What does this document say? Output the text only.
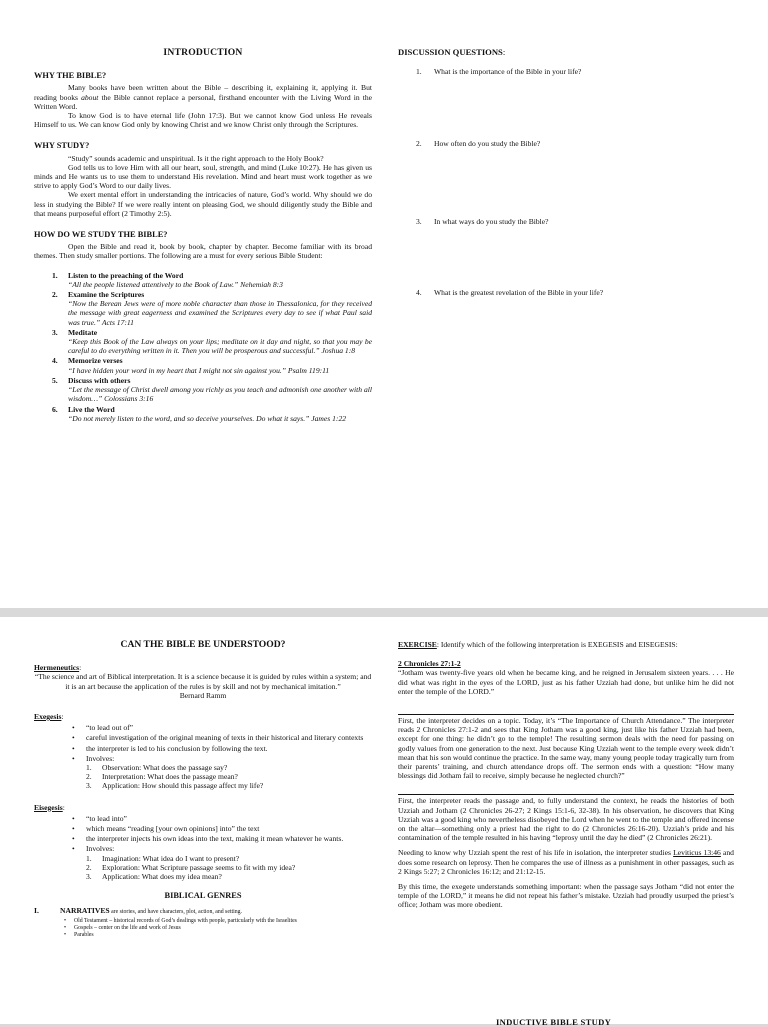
INTRODUCTION
WHY THE BIBLE?

Many books have been written about the Bible – describing it, explaining it, applying it. But reading books about the Bible cannot replace a personal, firsthand encounter with the Living Word in the Written Word.

To know God is to have eternal life (John 17:3). But we cannot know God unless He reveals Himself to us. We can know God only by knowing Christ and we know Christ only through the Scriptures.

WHY STUDY?

“Study” sounds academic and unspiritual. Is it the right approach to the Holy Book?

God tells us to love Him with all our heart, soul, strength, and mind (Luke 10:27). He has given us minds and He wants us to use them to understand His revelation. Mind and heart must work together as we strive to apply God’s Word to our daily lives.

We exert mental effort in understanding the intricacies of nature, God’s world. Why should we do less in studying the Bible? If we were really intent on pleasing God, we should diligently study the Bible and that means purposeful effort (2 Timothy 2:5).

HOW DO WE STUDY THE BIBLE?

Open the Bible and read it, book by book, chapter by chapter. Become familiar with its broad themes. Then study smaller portions. The following are a must for every serious Bible Student:

1. Listen to the preaching of the Word
“All the people listened attentively to the Book of Law.” Nehemiah 8:3
2. Examine the Scriptures
“Now the Berean Jews were of more noble character than those in Thessalonica, for they received the message with great eagerness and examined the Scriptures every day to see if what Paul said was true.” Acts 17:11
3. Meditate
“Keep this Book of the Law always on your lips; meditate on it day and night, so that you may be careful to do everything written in it. Then you will be prosperous and successful.” Joshua 1:8
4. Memorize verses
“I have hidden your word in my heart that I might not sin against you.” Psalm 119:11
5. Discuss with others
“Let the message of Christ dwell among you richly as you teach and admonish one another with all wisdom…” Colossians 3:16
6. Live the Word
“Do not merely listen to the word, and so deceive yourselves. Do what it says.” James 1:22
DISCUSSION QUESTIONS:
1. What is the importance of the Bible in your life?
2. How often do you study the Bible?
3. In what ways do you study the Bible?
4. What is the greatest revelation of the Bible in your life?
CAN THE BIBLE BE UNDERSTOOD?
Hermeneutics:

“The science and art of Biblical interpretation. It is a science because it is guided by rules within a system; and it is an art because the application of the rules is by skill and not by mechanical imitation.”

Bernard Ramm

Exegesis:
• “to lead out of”
• careful investigation of the original meaning of texts in their historical and literary contexts
• the interpreter is led to his conclusion by following the text.
• Involves:
1. Observation: What does the passage say?
2. Interpretation: What does the passage mean?
3. Application: How should this passage affect my life?
Eisegesis:
• “to lead into”
• which means “reading [your own opinions] into” the text
• the interpreter injects his own ideas into the text, making it mean whatever he wants.
• Involves:
1. Imagination: What idea do I want to present?
2. Exploration: What Scripture passage seems to fit with my idea?
3. Application: What does my idea mean?
BIBLICAL GENRES
I.	NARRATIVES are stories, and have characters, plot, action, and setting.
• Old Testament – historical records of God’s dealings with people, particularly with the Israelites
• Gospels – center on the life and work of Jesus
• Parables

EXERCISE: Identify which of the following interpretation is EXEGESIS and EISEGESIS:

2 Chronicles 27:1-2

“Jotham was twenty-five years old when he became king, and he reigned in Jerusalem sixteen years. . . . He did what was right in the eyes of the LORD, just as his father Uzziah had done, but unlike him he did not enter the temple of the LORD.”

First, the interpreter decides on a topic. Today, it’s “The Importance of Church Attendance.” The interpreter reads 2 Chronicles 27:1-2 and sees that King Jotham was a good king, just like his father Uzziah had been, except for one thing: he didn’t go to the temple! The resulting sermon deals with the need for passing on godly values from one generation to the next. Just because King Uzziah went to the temple every week didn’t mean that his son would continue the practice. In the same way, many young people today tragically turn from their parents’ training, and church attendance drops off. The sermon ends with a question: “How many blessings did Jotham fail to receive, simply because he neglected church?”

First, the interpreter reads the passage and, to fully understand the context, he reads the histories of both Uzziah and Jotham (2 Chronicles 26-27; 2 Kings 15:1-6, 32-38). In his observation, he discovers that King Uzziah was a good king who nevertheless disobeyed the Lord when he went to the temple and offered incense on the altar—something only a priest had the right to do (2 Chronicles 26:16-20). Uzziah’s pride and his contamination of the temple resulted in his having “leprosy until the day he died” (2 Chronicles 26:21).

Needing to know why Uzziah spent the rest of his life in isolation, the interpreter studies Leviticus 13:46 and does some research on leprosy. Then he compares the use of illness as a punishment in other passages, such as 2 Kings 5:27; 2 Chronicles 16:12; and 21:12-15.

By this time, the exegete understands something important: when the passage says Jotham “did not enter the temple of the LORD,” it means he did not repeat his father’s mistake. Uzziah had proudly usurped the priest’s office; Jotham was more obedient.

INDUCTIVE BIBLE STUDY
